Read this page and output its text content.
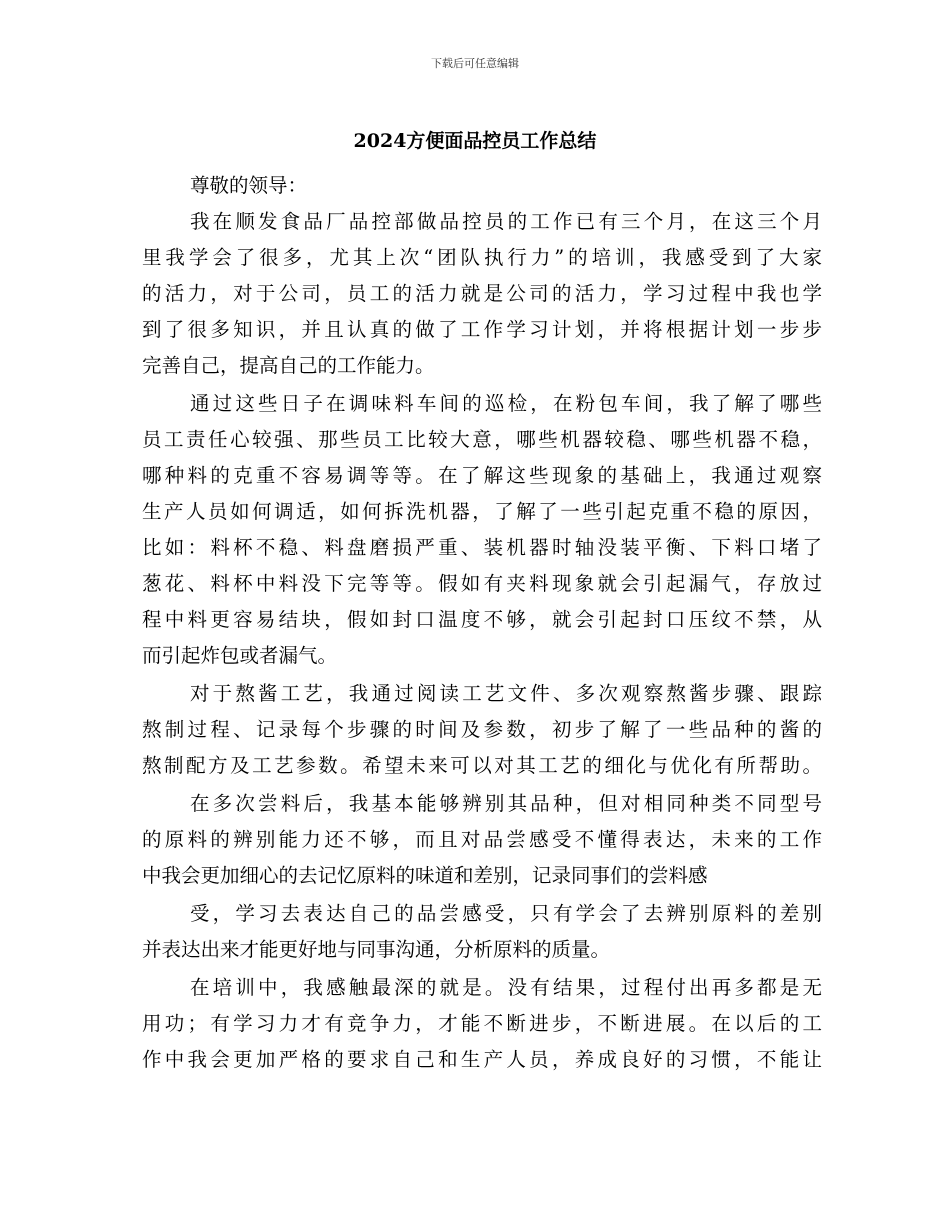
下载后可任意编辑
2024方便面品控员工作总结
尊敬的领导：
我在顺发食品厂品控部做品控员的工作已有三个月，在这三个月
里我学会了很多，尤其上次“团队执行力”的培训，我感受到了大家
的活力，对于公司，员工的活力就是公司的活力，学习过程中我也学
到了很多知识，并且认真的做了工作学习计划，并将根据计划一步步
完善自己，提高自己的工作能力。
通过这些日子在调味料车间的巡检，在粉包车间，我了解了哪些
员工责任心较强、那些员工比较大意，哪些机器较稳、哪些机器不稳，
哪种料的克重不容易调等等。在了解这些现象的基础上，我通过观察
生产人员如何调适，如何拆洗机器，了解了一些引起克重不稳的原因，
比如：料杯不稳、料盘磨损严重、装机器时轴没装平衡、下料口堵了
葱花、料杯中料没下完等等。假如有夹料现象就会引起漏气，存放过
程中料更容易结块，假如封口温度不够，就会引起封口压纹不禁，从
而引起炸包或者漏气。
对于熬酱工艺，我通过阅读工艺文件、多次观察熬酱步骤、跟踪
熬制过程、记录每个步骤的时间及参数，初步了解了一些品种的酱的
熬制配方及工艺参数。希望未来可以对其工艺的细化与优化有所帮助。
在多次尝料后，我基本能够辨别其品种，但对相同种类不同型号
的原料的辨别能力还不够，而且对品尝感受不懂得表达，未来的工作
中我会更加细心的去记忆原料的味道和差别，记录同事们的尝料感
受，学习去表达自己的品尝感受，只有学会了去辨别原料的差别
并表达出来才能更好地与同事沟通，分析原料的质量。
在培训中，我感触最深的就是。没有结果，过程付出再多都是无
用功；有学习力才有竞争力，才能不断进步，不断进展。在以后的工
作中我会更加严格的要求自己和生产人员，养成良好的习惯，不能让
